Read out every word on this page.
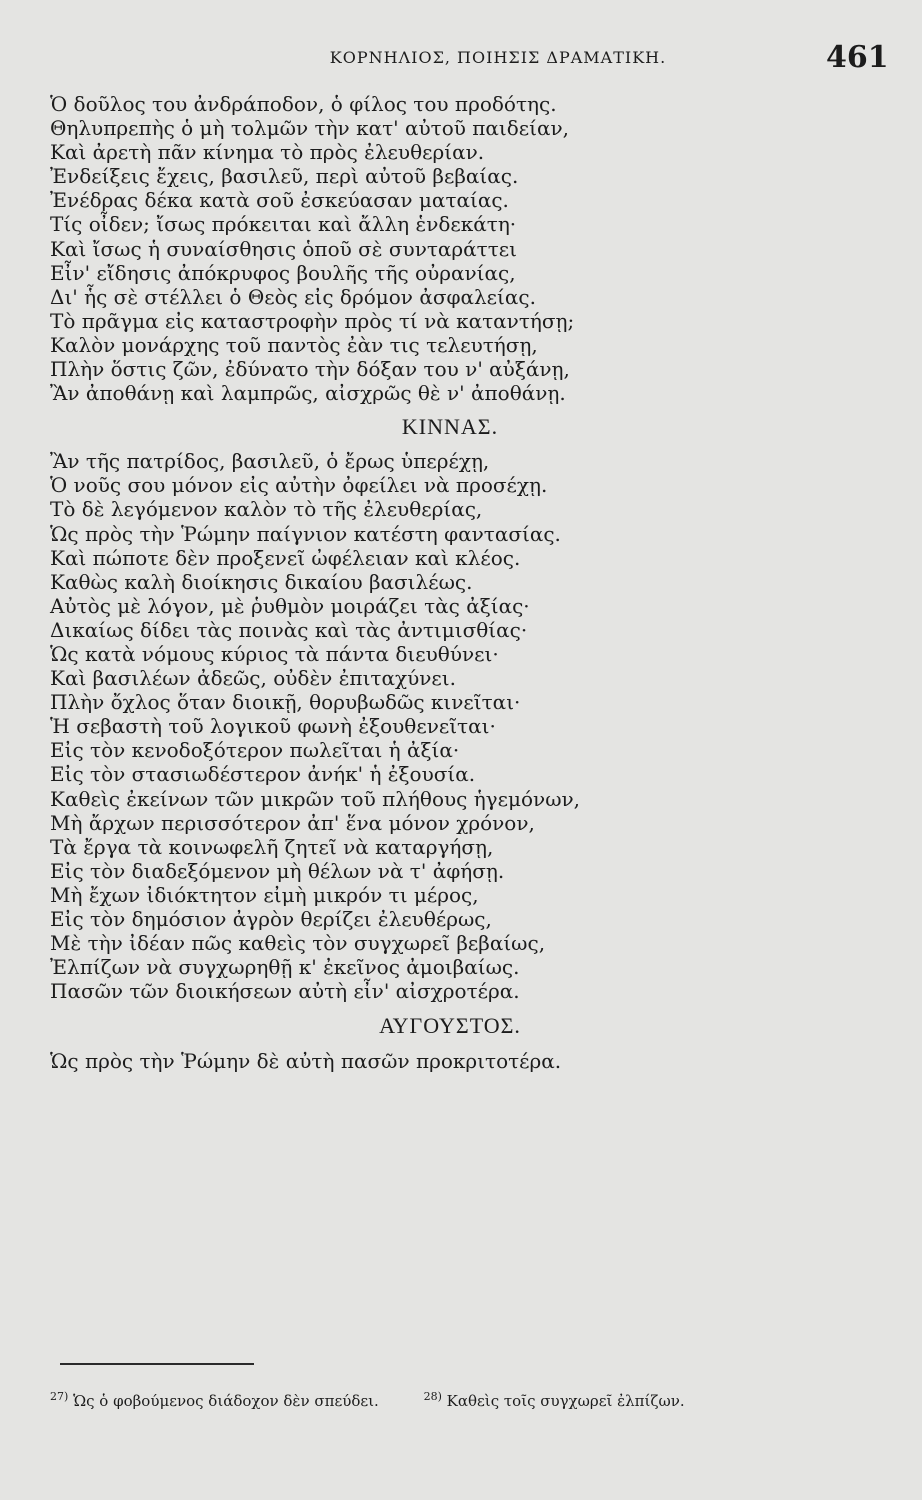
ΚΟΡΝΗΛΙΟΣ, ΠΟΙΗΣΙΣ ΔΡΑΜΑΤΙΚΗ.	461
Ὁ δοῦλος του ἀνδράποδον, ὁ φίλος του προδότης.
Θηλυπρεπὴς ὁ μὴ τολμῶν τὴν κατ' αὐτοῦ παιδείαν,
Καὶ ἀρετὴ πᾶν κίνημα τὸ πρὸς ἐλευθερίαν.
Ἐνδείξεις ἔχεις, βασιλεῦ, περὶ αὐτοῦ βεβαίας.
Ἐνέδρας δέκα κατὰ σοῦ ἐσκεύασαν ματαίας.
Τίς οἶδεν; ἴσως πρόκειται καὶ ἄλλη ἑνδεκάτη·
Καὶ ἴσως ἡ συναίσθησις ὁποῦ σὲ συνταράττει
Εἶν' εἴδησις ἀπόκρυφος βουλῆς τῆς οὐρανίας,
Δι' ἧς σὲ στέλλει ὁ Θεὸς εἰς δρόμον ἀσφαλείας.
Τὸ πρᾶγμα εἰς καταστροφὴν πρὸς τί νὰ καταντήσῃ;
Καλὸν μονάρχης τοῦ παντὸς ἐὰν τις τελευτήσῃ,
Πλὴν ὅστις ζῶν, ἐδύνατο τὴν δόξαν του ν' αὐξάνῃ,
Ἂν ἀποθάνῃ καὶ λαμπρῶς, αἰσχρῶς θὲ ν' ἀποθάνῃ.
ΚΙΝΝΑΣ.
Ἂν τῆς πατρίδος, βασιλεῦ, ὁ ἔρως ὑπερέχῃ,
Ὁ νοῦς σου μόνον εἰς αὐτὴν ὀφείλει νὰ προσέχῃ.
Τὸ δὲ λεγόμενον καλὸν τὸ τῆς ἐλευθερίας,
Ὡς πρὸς τὴν Ῥώμην παίγνιον κατέστη φαντασίας.
Καὶ πώποτε δὲν προξενεῖ ὠφέλειαν καὶ κλέος.
Καθὼς καλὴ διοίκησις δικαίου βασιλέως.
Αὐτὸς μὲ λόγον, μὲ ῥυθμὸν μοιράζει τὰς ἀξίας·
Δικαίως δίδει τὰς ποινὰς καὶ τὰς ἀντιμισθίας·
Ὡς κατὰ νόμους κύριος τὰ πάντα διευθύνει·
Καὶ βασιλέων ἀδεῶς, οὐδὲν ἐπιταχύνει.
Πλὴν ὄχλος ὅταν διοικῇ, θορυβωδῶς κινεῖται·
Ἡ σεβαστὴ τοῦ λογικοῦ φωνὴ ἐξουθενεῖται·
Εἰς τὸν κενοδοξότερον πωλεῖται ἡ ἀξία·
Εἰς τὸν στασιωδέστερον ἀνήκ' ἡ ἐξουσία.
Καθεὶς ἐκείνων τῶν μικρῶν τοῦ πλήθους ἡγεμόνων,
Μὴ ἄρχων περισσότερον ἀπ' ἕνα μόνον χρόνον,
Τὰ ἔργα τὰ κοινωφελῆ ζητεῖ νὰ καταργήσῃ,
Εἰς τὸν διαδεξόμενον μὴ θέλων νὰ τ' ἀφήσῃ.
Μὴ ἔχων ἰδιόκτητον εἰμὴ μικρόν τι μέρος,
Εἰς τὸν δημόσιον ἀγρὸν θερίζει ἐλευθέρως,
Μὲ τὴν ἰδέαν πῶς καθεὶς τὸν συγχωρεῖ βεβαίως,
Ἐλπίζων νὰ συγχωρηθῇ κ' ἐκεῖνος ἀμοιβαίως.
Πασῶν τῶν διοικήσεων αὐτὴ εἶν' αἰσχροτέρα.
ΑΥΓΟΥΣΤΟΣ.
Ὡς πρὸς τὴν Ῥώμην δὲ αὐτὴ πασῶν προκριτοτέρα.
$^{27)}$ Ὡς ὁ φοβούμενος διάδοχον δὲν σπεύδει.	$^{28)}$ Καθεὶς τοῖς συγχωρεῖ ἐλπίζων.
